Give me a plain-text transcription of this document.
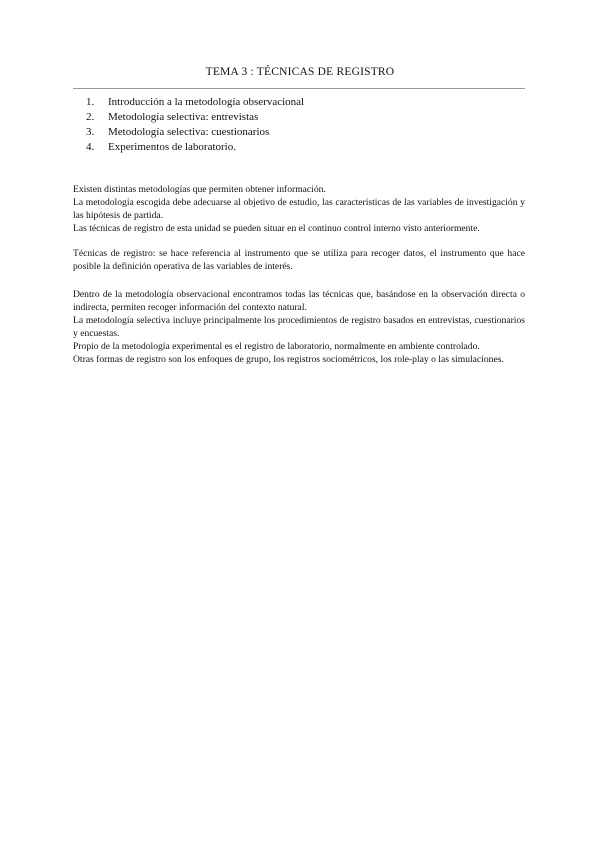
TEMA 3 : TÉCNICAS DE REGISTRO
1. Introducción a la metodología observacional
2. Metodología selectiva: entrevistas
3. Metodología selectiva: cuestionarios
4. Experimentos de laboratorio.

Existen distintas metodologías que permiten obtener información.

La metodología escogida debe adecuarse al objetivo de estudio, las características de las variables de investigación y las hipótesis de partida.

Las técnicas de registro de esta unidad se pueden situar en el continuo control interno visto anteriormente.

Técnicas de registro: se hace referencia al instrumento que se utiliza para recoger datos, el instrumento que hace posible la definición operativa de las variables de interés.

Dentro de la metodología observacional encontramos todas las técnicas que, basándose en la observación directa o indirecta, permiten recoger información del contexto natural.

La metodología selectiva incluye principalmente los procedimientos de registro basados en entrevistas, cuestionarios y encuestas.

Propio de la metodología experimental es el registro de laboratorio, normalmente en ambiente controlado.

Otras formas de registro son los enfoques de grupo, los registros sociométricos, los role-play o las simulaciones.
